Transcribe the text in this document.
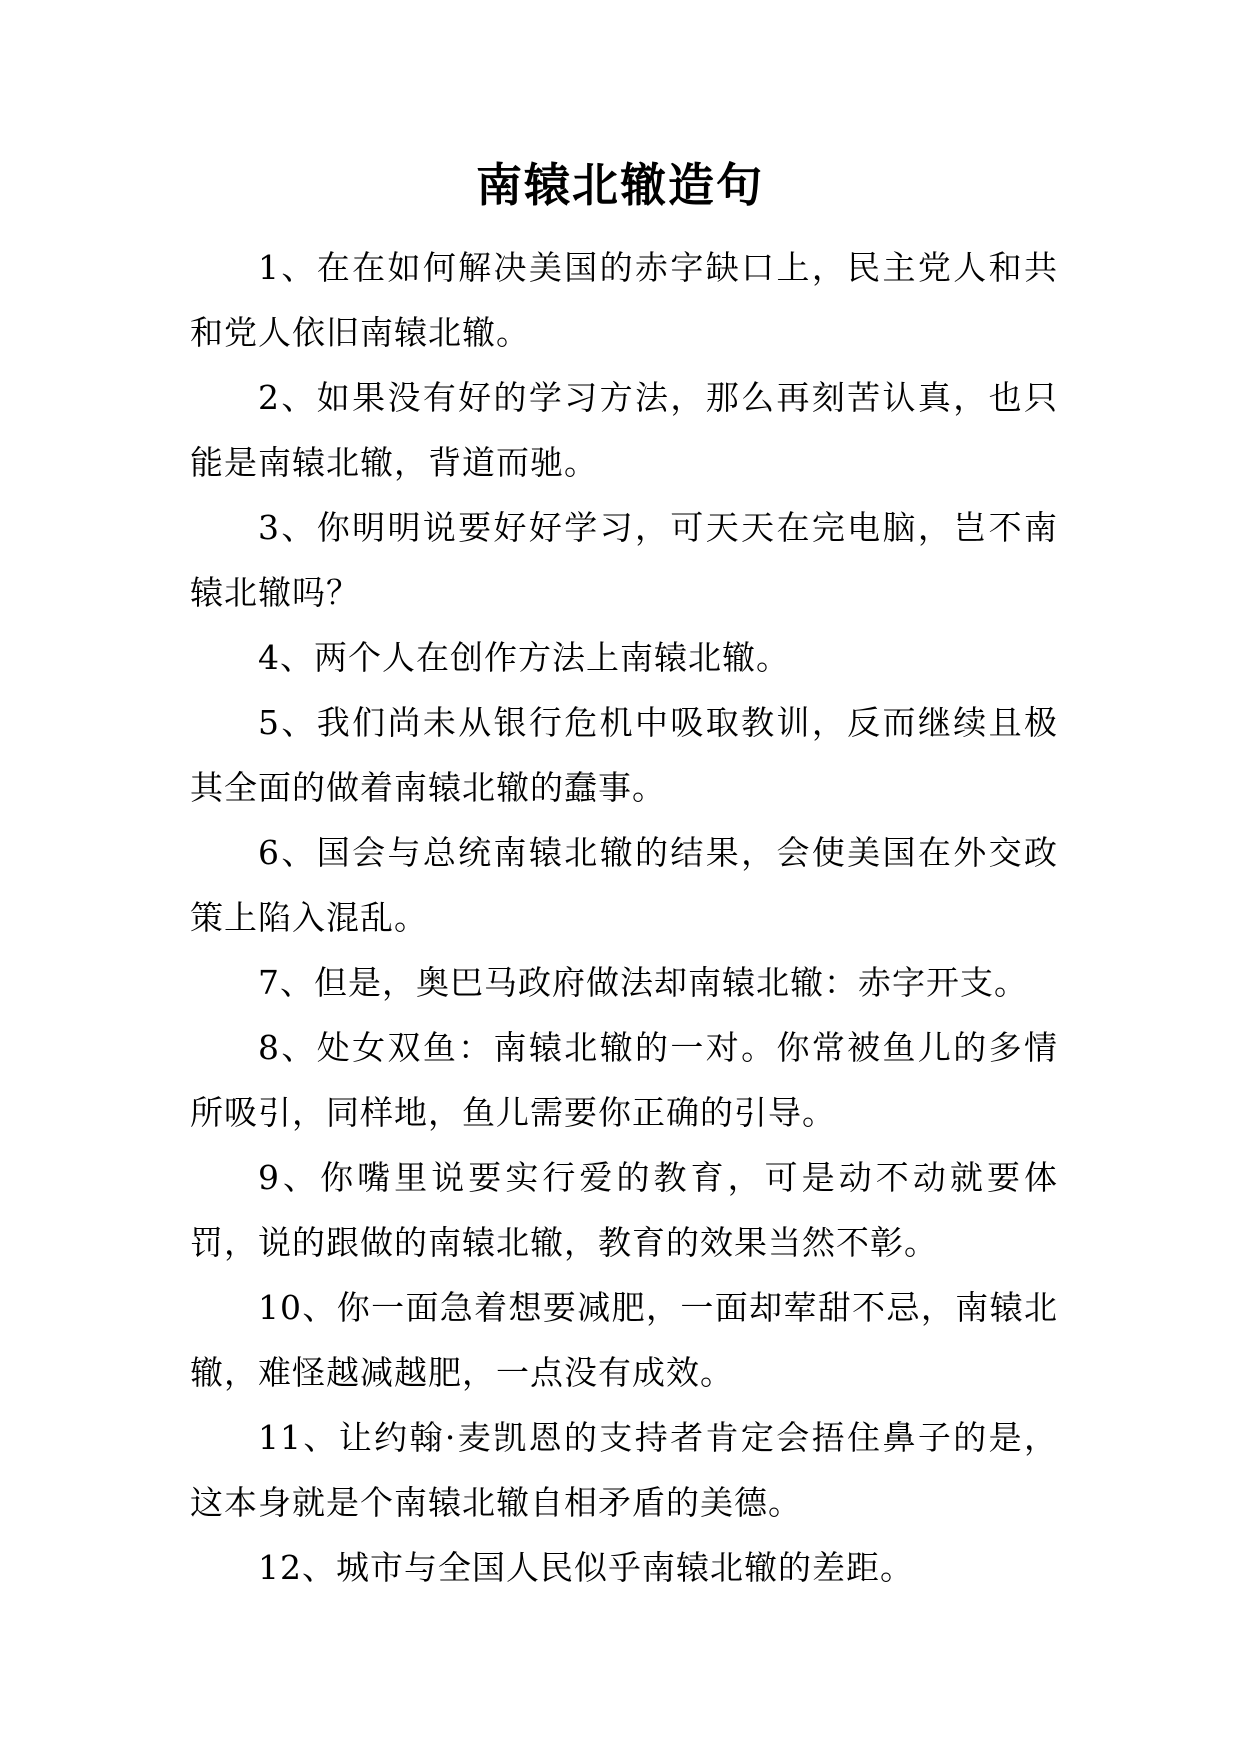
南辕北辙造句

1、在在如何解决美国的赤字缺口上，民主党人和共和党人依旧南辕北辙。

2、如果没有好的学习方法，那么再刻苦认真，也只能是南辕北辙，背道而驰。

3、你明明说要好好学习，可天天在完电脑，岂不南辕北辙吗？

4、两个人在创作方法上南辕北辙。

5、我们尚未从银行危机中吸取教训，反而继续且极其全面的做着南辕北辙的蠢事。

6、国会与总统南辕北辙的结果，会使美国在外交政策上陷入混乱。

7、但是，奥巴马政府做法却南辕北辙：赤字开支。

8、处女双鱼：南辕北辙的一对。你常被鱼儿的多情所吸引，同样地，鱼儿需要你正确的引导。

9、你嘴里说要实行爱的教育，可是动不动就要体罚，说的跟做的南辕北辙，教育的效果当然不彰。

10、你一面急着想要减肥，一面却荤甜不忌，南辕北辙，难怪越减越肥，一点没有成效。

11、让约翰·麦凯恩的支持者肯定会捂住鼻子的是，这本身就是个南辕北辙自相矛盾的美德。

12、城市与全国人民似乎南辕北辙的差距。
